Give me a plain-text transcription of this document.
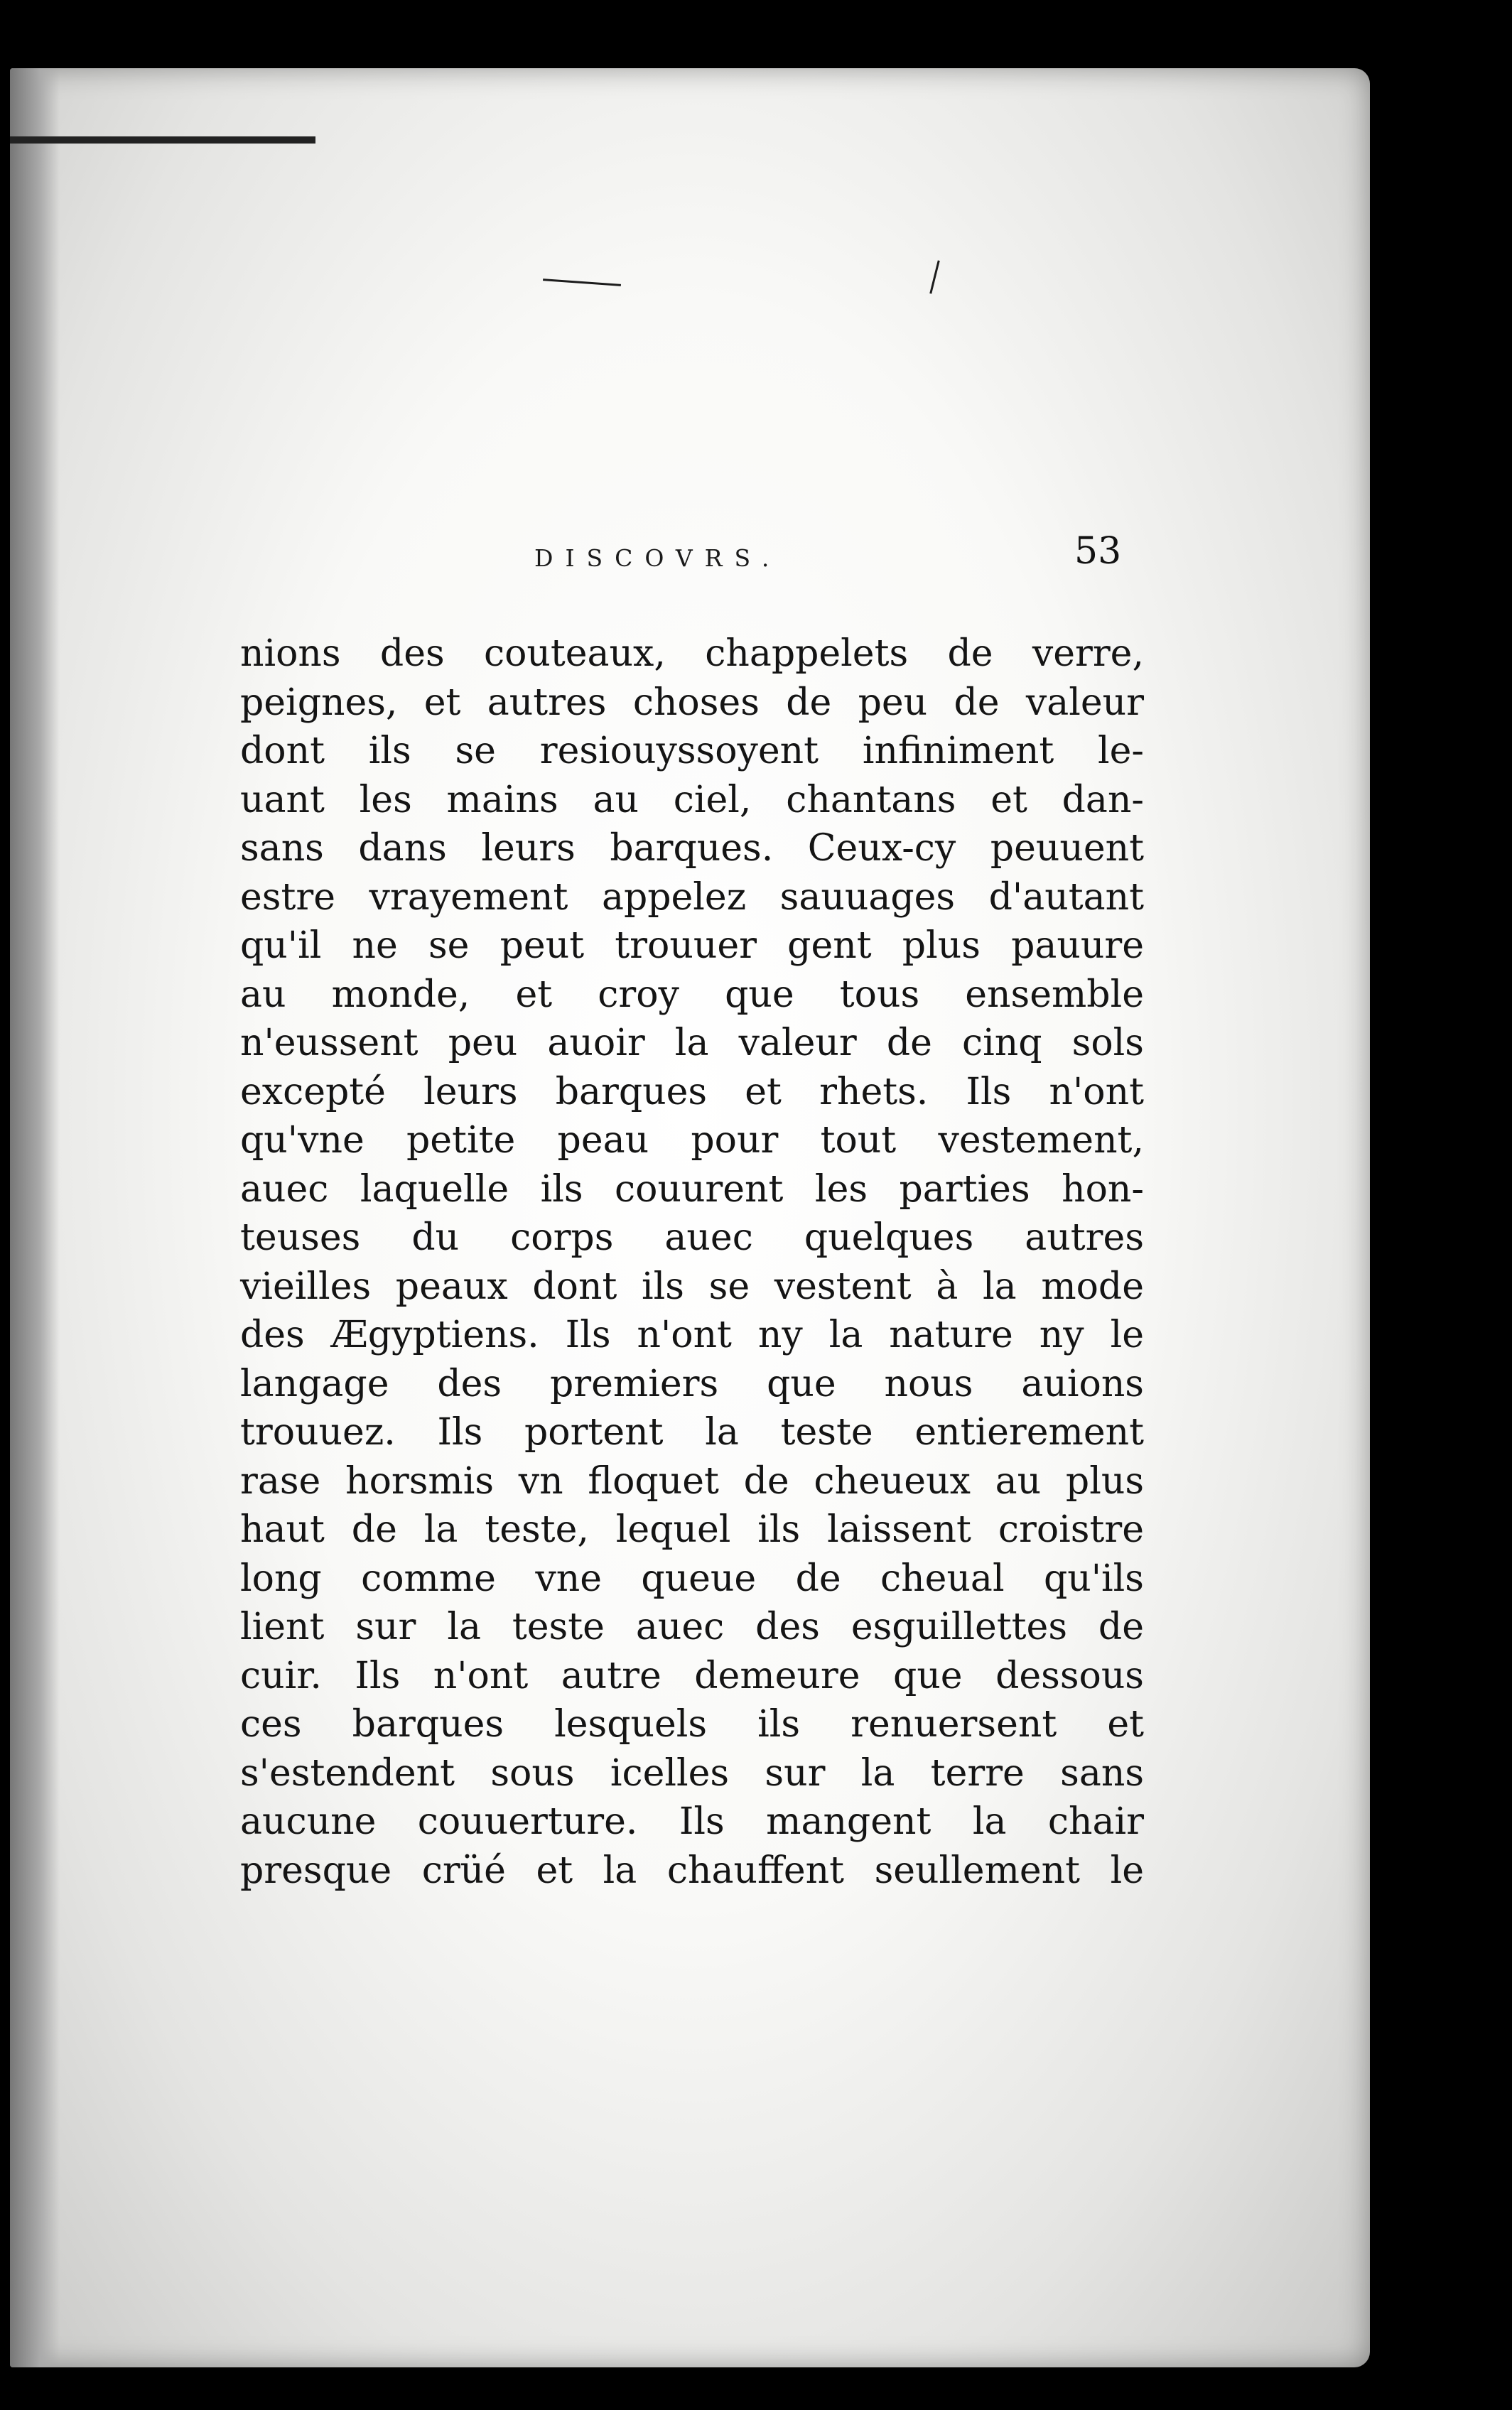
DISCOVRS.	53
nions des couteaux, chappelets de verre,
peignes, et autres choses de peu de valeur
dont ils se resiouyssoyent infiniment le-
uant les mains au ciel, chantans et dan-
sans dans leurs barques. Ceux-cy peuuent
estre vrayement appelez sauuages d'autant
qu'il ne se peut trouuer gent plus pauure
au monde, et croy que tous ensemble
n'eussent peu auoir la valeur de cinq sols
excepté leurs barques et rhets. Ils n'ont
qu'vne petite peau pour tout vestement,
auec laquelle ils couurent les parties hon-
teuses du corps auec quelques autres
vieilles peaux dont ils se vestent à la mode
des Ægyptiens. Ils n'ont ny la nature ny le
langage des premiers que nous auions
trouuez. Ils portent la teste entierement
rase horsmis vn floquet de cheueux au plus
haut de la teste, lequel ils laissent croistre
long comme vne queue de cheual qu'ils
lient sur la teste auec des esguillettes de
cuir. Ils n'ont autre demeure que dessous
ces barques lesquels ils renuersent et
s'estendent sous icelles sur la terre sans
aucune couuerture. Ils mangent la chair
presque crüé et la chauffent seullement le
